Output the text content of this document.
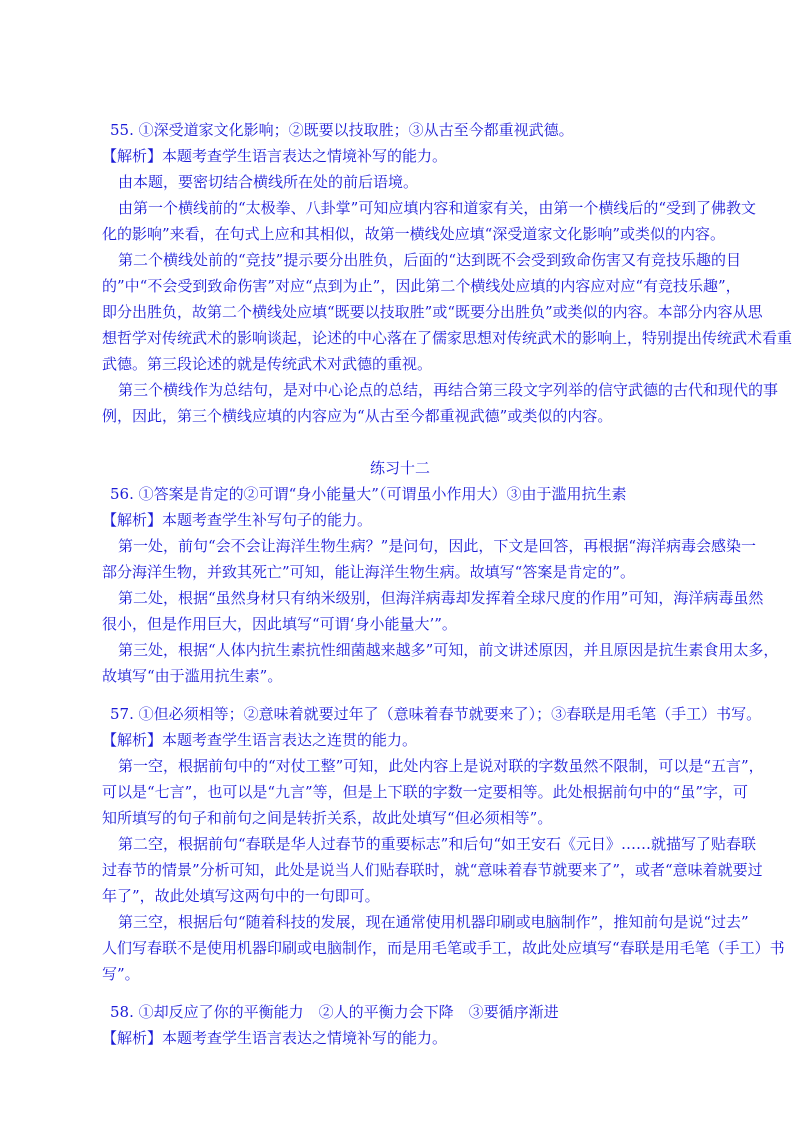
55. ①深受道家文化影响；②既要以技取胜；③从古至今都重视武德。
【解析】本题考查学生语言表达之情境补写的能力。
由本题，要密切结合横线所在处的前后语境。
由第一个横线前的“太极拳、八卦掌”可知应填内容和道家有关，由第一个横线后的“受到了佛教文
化的影响”来看，在句式上应和其相似，故第一横线处应填“深受道家文化影响”或类似的内容。
第二个横线处前的“竞技”提示要分出胜负，后面的“达到既不会受到致命伤害又有竞技乐趣的目
的”中“不会受到致命伤害”对应“点到为止”，因此第二个横线处应填的内容应对应“有竞技乐趣”，
即分出胜负，故第二个横线处应填“既要以技取胜”或“既要分出胜负”或类似的内容。本部分内容从思
想哲学对传统武术的影响谈起，论述的中心落在了儒家思想对传统武术的影响上，特别提出传统武术看重
武德。第三段论述的就是传统武术对武德的重视。
第三个横线作为总结句，是对中心论点的总结，再结合第三段文字列举的信守武德的古代和现代的事
例，因此，第三个横线应填的内容应为“从古至今都重视武德”或类似的内容。
练习十二
56. ①答案是肯定的②可谓“身小能量大”（可谓虽小作用大）③由于滥用抗生素
【解析】本题考查学生补写句子的能力。
第一处，前句“会不会让海洋生物生病？”是问句，因此，下文是回答，再根据“海洋病毒会感染一
部分海洋生物，并致其死亡”可知，能让海洋生物生病。故填写“答案是肯定的”。
第二处，根据“虽然身材只有纳米级别，但海洋病毒却发挥着全球尺度的作用”可知，海洋病毒虽然
很小，但是作用巨大，因此填写“可谓‘身小能量大’”。
第三处，根据“人体内抗生素抗性细菌越来越多”可知，前文讲述原因，并且原因是抗生素食用太多，
故填写“由于滥用抗生素”。
57. ①但必须相等；②意味着就要过年了（意味着春节就要来了）；③春联是用毛笔（手工）书写。
【解析】本题考查学生语言表达之连贯的能力。
第一空，根据前句中的“对仗工整”可知，此处内容上是说对联的字数虽然不限制，可以是“五言”，
可以是“七言”，也可以是“九言”等，但是上下联的字数一定要相等。此处根据前句中的“虽”字，可
知所填写的句子和前句之间是转折关系，故此处填写“但必须相等”。
第二空，根据前句“春联是华人过春节的重要标志”和后句“如王安石《元日》……就描写了贴春联
过春节的情景”分析可知，此处是说当人们贴春联时，就“意味着春节就要来了”，或者“意味着就要过
年了”，故此处填写这两句中的一句即可。
第三空，根据后句“随着科技的发展，现在通常使用机器印刷或电脑制作”，推知前句是说“过去”
人们写春联不是使用机器印刷或电脑制作，而是用毛笔或手工，故此处应填写“春联是用毛笔（手工）书
写”。
58. ①却反应了你的平衡能力　②人的平衡力会下降　③要循序渐进
【解析】本题考查学生语言表达之情境补写的能力。
